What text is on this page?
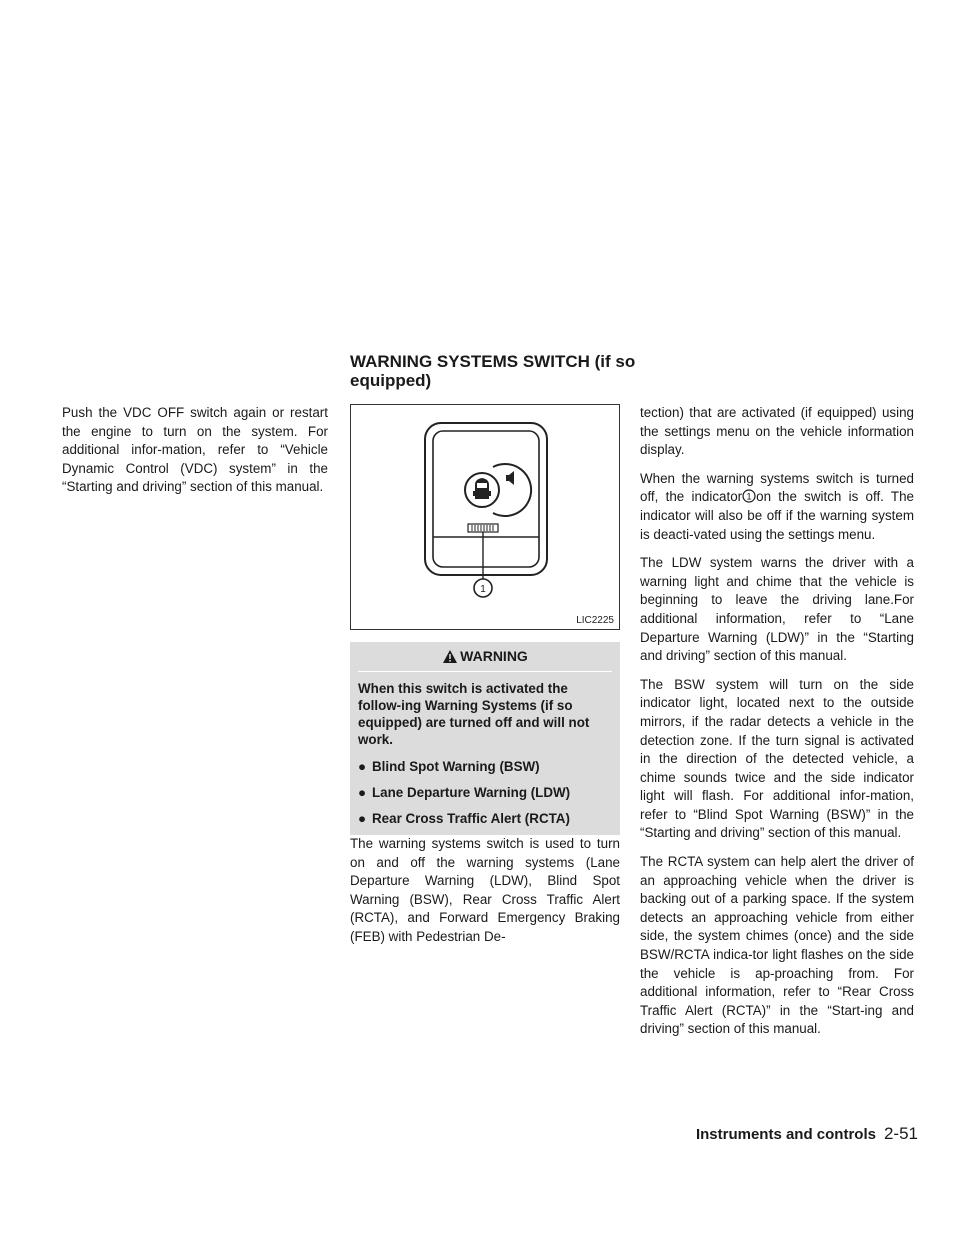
WARNING SYSTEMS SWITCH (if so equipped)

Push the VDC OFF switch again or restart the engine to turn on the system. For additional infor-mation, refer to “Vehicle Dynamic Control (VDC) system” in the “Starting and driving” section of this manual.

1
LIC2225
WARNING

When this switch is activated the follow-ing Warning Systems (if so equipped) are turned off and will not work.

● Blind Spot Warning (BSW)
● Lane Departure Warning (LDW)
● Rear Cross Traffic Alert (RCTA)

The warning systems switch is used to turn on and off the warning systems (Lane Departure Warning (LDW), Blind Spot Warning (BSW), Rear Cross Traffic Alert (RCTA), and Forward Emergency Braking (FEB) with Pedestrian De-

tection) that are activated (if equipped) using the settings menu on the vehicle information display.

When the warning systems switch is turned off, the indicator 1 on the switch is off. The indicator will also be off if the warning system is deacti-vated using the settings menu.

The LDW system warns the driver with a warning light and chime that the vehicle is beginning to leave the driving lane.For additional information, refer to “Lane Departure Warning (LDW)” in the “Starting and driving” section of this manual.

The BSW system will turn on the side indicator light, located next to the outside mirrors, if the radar detects a vehicle in the detection zone. If the turn signal is activated in the direction of the detected vehicle, a chime sounds twice and the side indicator light will flash. For additional infor-mation, refer to “Blind Spot Warning (BSW)” in the “Starting and driving” section of this manual.

The RCTA system can help alert the driver of an approaching vehicle when the driver is backing out of a parking space. If the system detects an approaching vehicle from either side, the system chimes (once) and the side BSW/RCTA indica-tor light flashes on the side the vehicle is ap-proaching from. For additional information, refer to “Rear Cross Traffic Alert (RCTA)” in the “Start-ing and driving” section of this manual.

Instruments and controls 2-51
